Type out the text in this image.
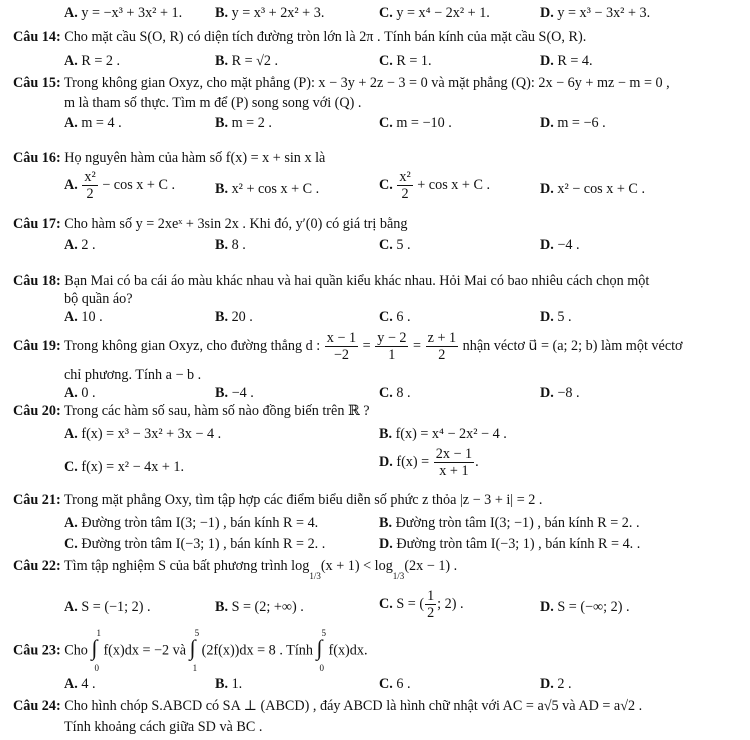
A. y = −x³ + 3x² + 1. B. y = x³ + 2x² + 3.	C. y = x⁴ − 2x² + 1.	D. y = x³ − 3x² + 3.
Câu 14: Cho mặt cầu S(O, R) có diện tích đường tròn lớn là 2π . Tính bán kính của mặt cầu S(O, R).
A. R = 2 .	B. R = √2 .	C. R = 1.	D. R = 4.
Câu 15: Trong không gian Oxyz, cho mặt phẳng (P): x − 3y + 2z − 3 = 0 và mặt phẳng (Q): 2x − 6y + mz − m = 0 ,
m là tham số thực. Tìm m để (P) song song với (Q) .
A. m = 4 .	B. m = 2 .	C. m = −10 .	D. m = −6 .
Câu 16: Họ nguyên hàm của hàm số f(x) = x + sin x là
A. $\frac{\text{x²}}{2} - \cos x + C$ .	B. x² + cos x + C .	C. $\frac{\text{x²}}{2} + \cos x + C$ .	D. x² − cos x + C .
Câu 17: Cho hàm số y = 2xeˣ + 3sin 2x . Khi đó, y′(0) có giá trị bằng
A. 2 .	B. 8 .	C. 5 .	D. −4 .
Câu 18: Bạn Mai có ba cái áo màu khác nhau và hai quần kiểu khác nhau. Hỏi Mai có bao nhiêu cách chọn một
bộ quần áo?
A. 10 .	B. 20 .	C. 6 .	D. 5 .
Câu 19: Trong không gian Oxyz, cho đường thẳng d : $\frac{x - 1}{-2} = \frac{y - 2}{1} = \frac{z + 1}{2}$ nhận véctơ u⃗ = (a; 2; b) làm một véctơ
chỉ phương. Tính a − b .
A. 0 .	B. −4 .	C. 8 .	D. −8 .
Câu 20: Trong các hàm số sau, hàm số nào đồng biến trên ℝ ?
A. f(x) = x³ − 3x² + 3x − 4 .	B. f(x) = x⁴ − 2x² − 4 .
C. f(x) = x² − 4x + 1.	D. $f(x) = \frac{2x - 1}{x + 1}$ .
Câu 21: Trong mặt phẳng Oxy, tìm tập hợp các điểm biểu diễn số phức z thỏa |z − 3 + i| = 2 .
A. Đường tròn tâm I(3; −1) , bán kính R = 4.	B. Đường tròn tâm I(3; −1) , bán kính R = 2. .
C. Đường tròn tâm I(−3; 1) , bán kính R = 2. .	D. Đường tròn tâm I(−3; 1) , bán kính R = 4. .
Câu 22: Tìm tập nghiệm S của bất phương trình $\log_{1/3}(x + 1) < \log_{1/3}(2x - 1)$ .
A. S = (−1; 2) .	B. S = (2; +∞) .	C. S = ( $\frac{1}{2}$ ; 2) .	D. S = (−∞; 2) .
Câu 23: Cho
1
∫
0
f(x)dx = −2 và
5
∫
1
(2f(x))dx = 8 . Tính
5
∫
0
f(x)dx.
A. 4 .	B. 1.	C. 6 .	D. 2 .
Câu 24: Cho hình chóp S.ABCD có SA ⊥ (ABCD) , đáy ABCD là hình chữ nhật với AC = a√5 và AD = a√2 .
Tính khoảng cách giữa SD và BC .
